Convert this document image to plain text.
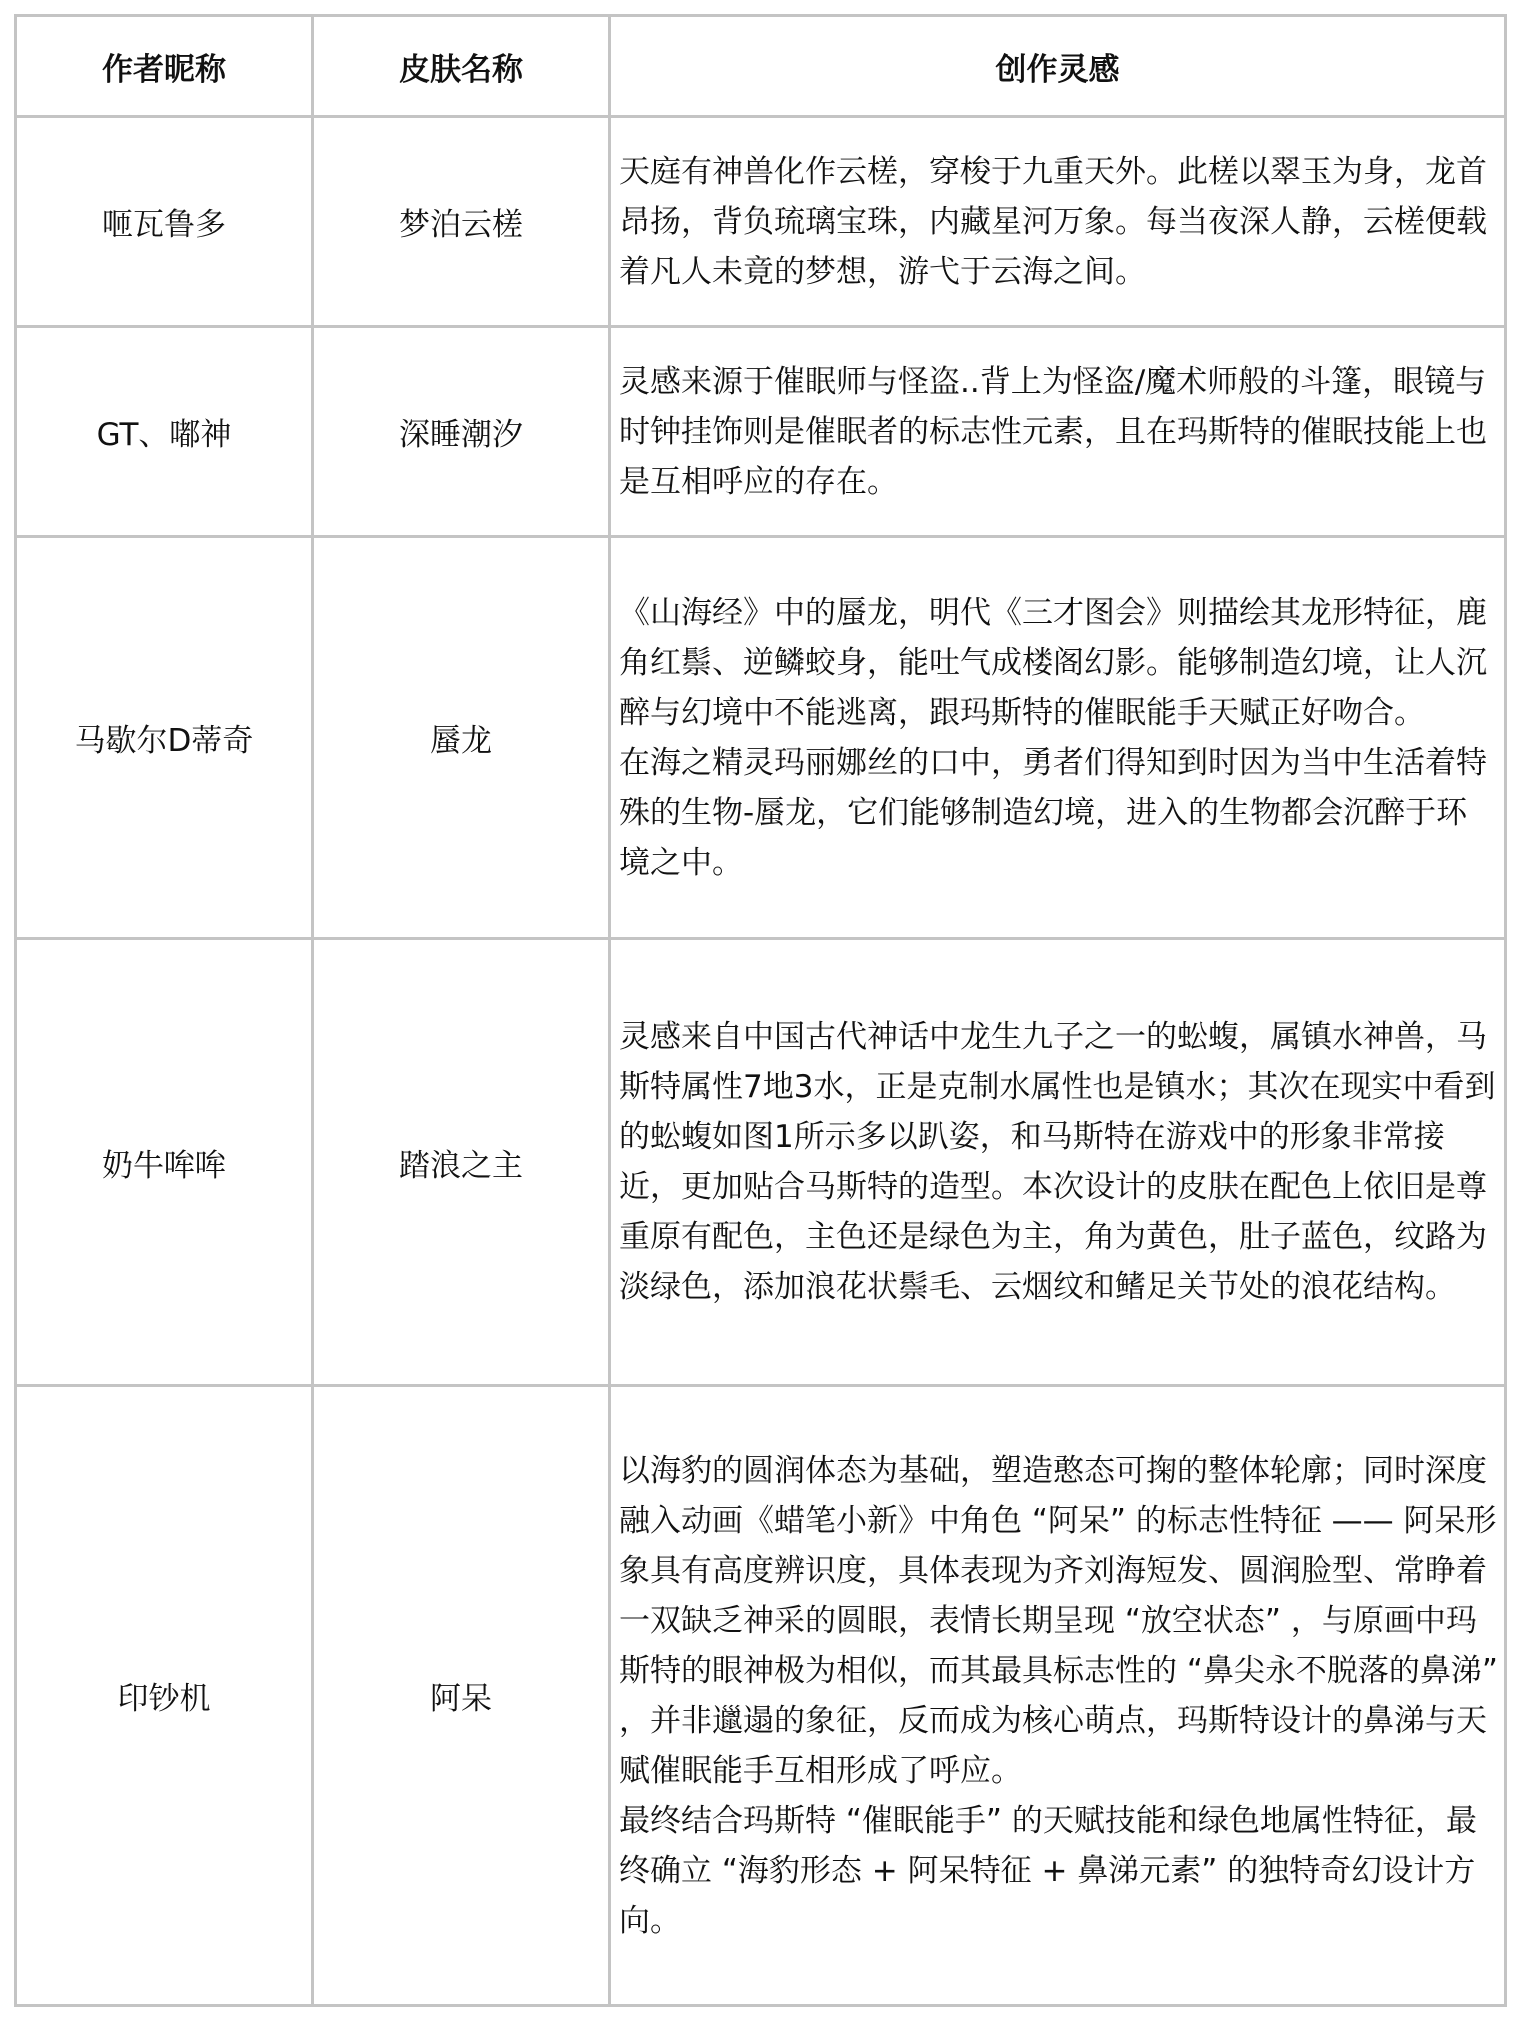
作者昵称	皮肤名称	创作灵感
咂瓦鲁多	梦泊云槎	天庭有神兽化作云槎，穿梭于九重天外。此槎以翠玉为身，龙首昂扬，背负琉璃宝珠，内藏星河万象。每当夜深人静，云槎便载着凡人未竟的梦想，游弋于云海之间。

GT、嘟神	深睡潮汐	灵感来源于催眠师与怪盗..背上为怪盗/魔术师般的斗篷，眼镜与时钟挂饰则是催眠者的标志性元素，且在玛斯特的催眠技能上也是互相呼应的存在。

马歇尔D蒂奇	蜃龙	《山海经》中的蜃龙，明代《三才图会》则描绘其龙形特征，鹿角红鬃、逆鳞蛟身，能吐气成楼阁幻影。能够制造幻境，让人沉醉与幻境中不能逃离，跟玛斯特的催眠能手天赋正好吻合。
在海之精灵玛丽娜丝的口中，勇者们得知到时因为当中生活着特殊的生物-蜃龙，它们能够制造幻境，进入的生物都会沉醉于环境之中。

奶牛哞哞	踏浪之主	灵感来自中国古代神话中龙生九子之一的蚣蝮，属镇水神兽，马斯特属性7地3水，正是克制水属性也是镇水；其次在现实中看到的蚣蝮如图1所示多以趴姿，和马斯特在游戏中的形象非常接近，更加贴合马斯特的造型。本次设计的皮肤在配色上依旧是尊重原有配色，主色还是绿色为主，角为黄色，肚子蓝色，纹路为淡绿色，添加浪花状鬃毛、云烟纹和鳍足关节处的浪花结构。

印钞机	阿呆	以海豹的圆润体态为基础，塑造憨态可掬的整体轮廓；同时深度融入动画《蜡笔小新》中角色 “阿呆” 的标志性特征 —— 阿呆形象具有高度辨识度，具体表现为齐刘海短发、圆润脸型、常睁着一双缺乏神采的圆眼，表情长期呈现 “放空状态” ，与原画中玛斯特的眼神极为相似，而其最具标志性的 “鼻尖永不脱落的鼻涕” ，并非邋遢的象征，反而成为核心萌点，玛斯特设计的鼻涕与天赋催眠能手互相形成了呼应。
最终结合玛斯特 “催眠能手” 的天赋技能和绿色地属性特征，最终确立 “海豹形态 + 阿呆特征 + 鼻涕元素” 的独特奇幻设计方向。
